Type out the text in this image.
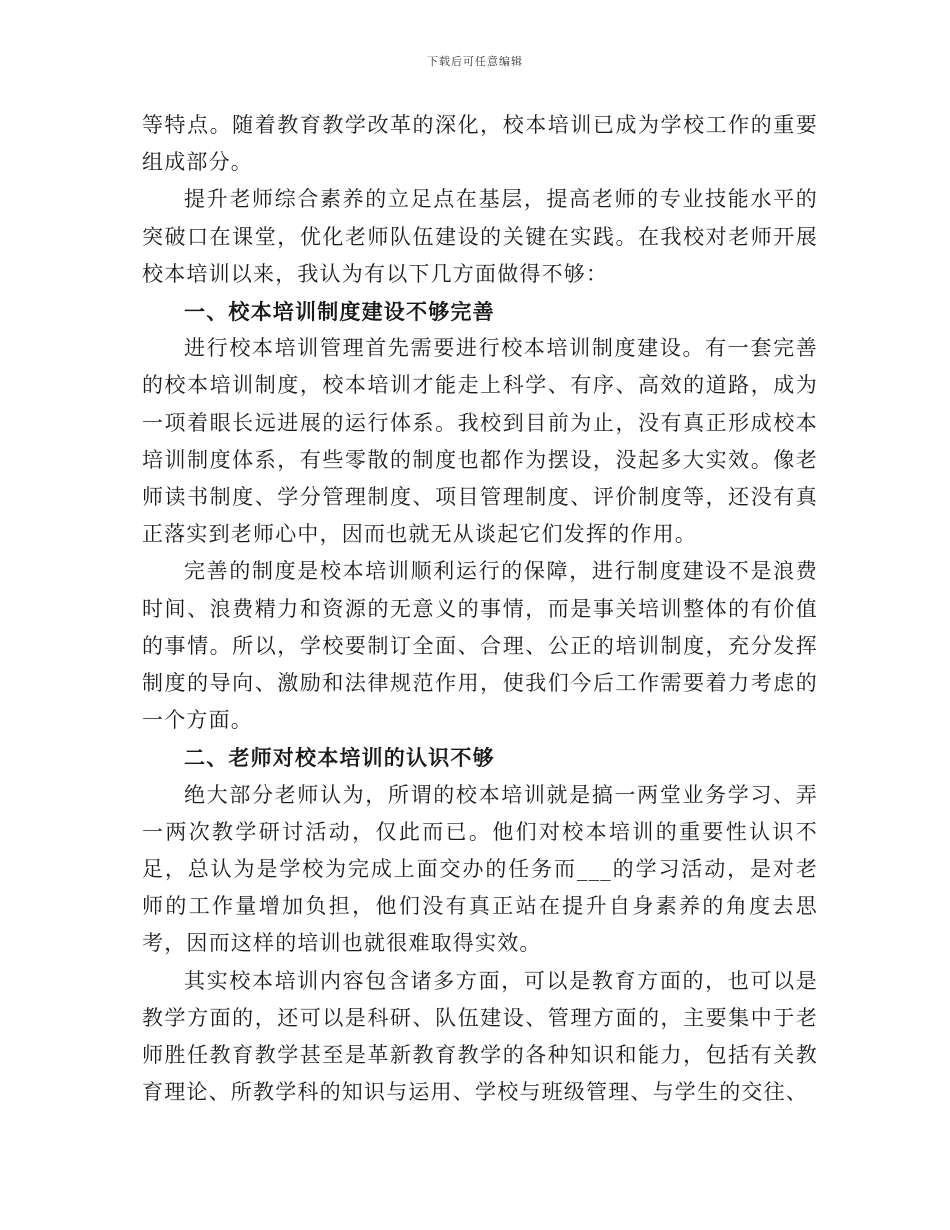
下载后可任意编辑

等特点。随着教育教学改革的深化，校本培训已成为学校工作的重要组成部分。

提升老师综合素养的立足点在基层，提高老师的专业技能水平的突破口在课堂，优化老师队伍建设的关键在实践。在我校对老师开展校本培训以来，我认为有以下几方面做得不够：

一、校本培训制度建设不够完善

进行校本培训管理首先需要进行校本培训制度建设。有一套完善的校本培训制度，校本培训才能走上科学、有序、高效的道路，成为一项着眼长远进展的运行体系。我校到目前为止，没有真正形成校本培训制度体系，有些零散的制度也都作为摆设，没起多大实效。像老师读书制度、学分管理制度、项目管理制度、评价制度等，还没有真正落实到老师心中，因而也就无从谈起它们发挥的作用。

完善的制度是校本培训顺利运行的保障，进行制度建设不是浪费时间、浪费精力和资源的无意义的事情，而是事关培训整体的有价值的事情。所以，学校要制订全面、合理、公正的培训制度，充分发挥制度的导向、激励和法律规范作用，使我们今后工作需要着力考虑的一个方面。

二、老师对校本培训的认识不够

绝大部分老师认为，所谓的校本培训就是搞一两堂业务学习、弄一两次教学研讨活动，仅此而已。他们对校本培训的重要性认识不足，总认为是学校为完成上面交办的任务而___的学习活动，是对老师的工作量增加负担，他们没有真正站在提升自身素养的角度去思考，因而这样的培训也就很难取得实效。

其实校本培训内容包含诸多方面，可以是教育方面的，也可以是教学方面的，还可以是科研、队伍建设、管理方面的，主要集中于老师胜任教育教学甚至是革新教育教学的各种知识和能力，包括有关教育理论、所教学科的知识与运用、学校与班级管理、与学生的交往、
